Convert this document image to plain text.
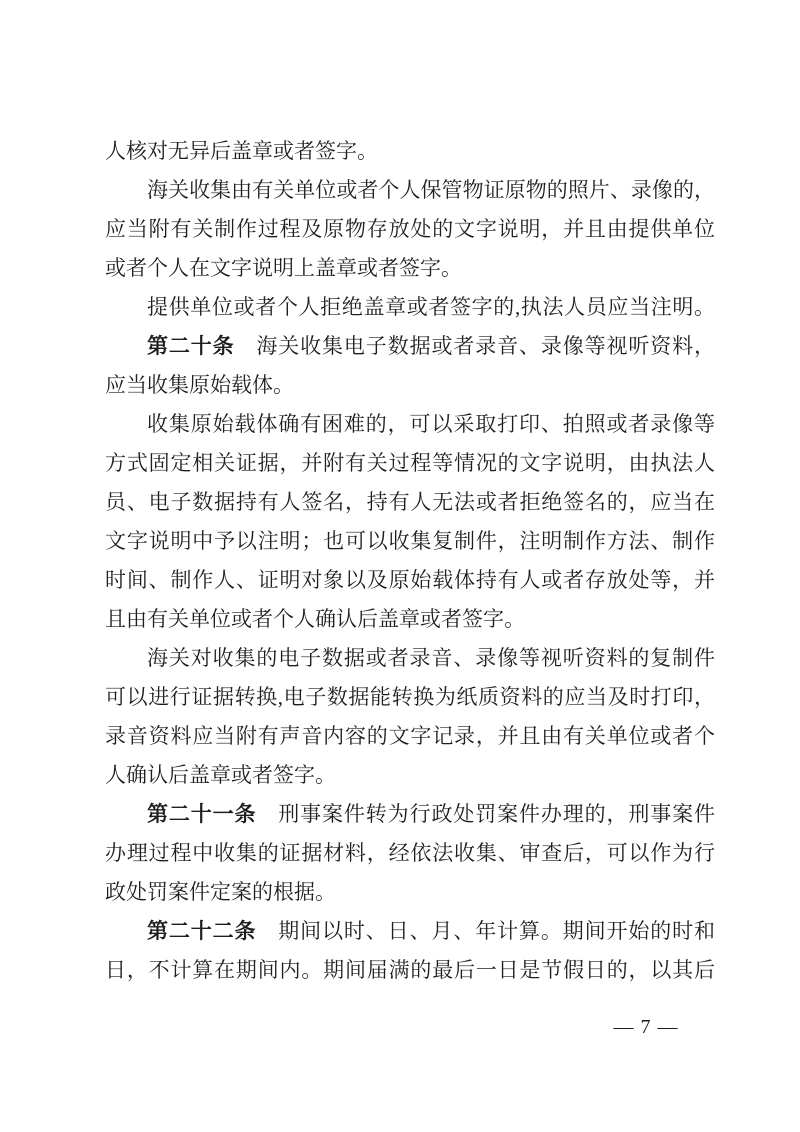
人核对无异后盖章或者签字。
海关收集由有关单位或者个人保管物证原物的照片、录像的，
应当附有关制作过程及原物存放处的文字说明，并且由提供单位
或者个人在文字说明上盖章或者签字。
提供单位或者个人拒绝盖章或者签字的,执法人员应当注明。
第二十条　海关收集电子数据或者录音、录像等视听资料，
应当收集原始载体。
收集原始载体确有困难的，可以采取打印、拍照或者录像等
方式固定相关证据，并附有关过程等情况的文字说明，由执法人
员、电子数据持有人签名，持有人无法或者拒绝签名的，应当在
文字说明中予以注明；也可以收集复制件，注明制作方法、制作
时间、制作人、证明对象以及原始载体持有人或者存放处等，并
且由有关单位或者个人确认后盖章或者签字。
海关对收集的电子数据或者录音、录像等视听资料的复制件
可以进行证据转换,电子数据能转换为纸质资料的应当及时打印，
录音资料应当附有声音内容的文字记录，并且由有关单位或者个
人确认后盖章或者签字。
第二十一条　刑事案件转为行政处罚案件办理的，刑事案件
办理过程中收集的证据材料，经依法收集、审查后，可以作为行
政处罚案件定案的根据。
第二十二条　期间以时、日、月、年计算。期间开始的时和
日，不计算在期间内。期间届满的最后一日是节假日的，以其后
— 7 —
